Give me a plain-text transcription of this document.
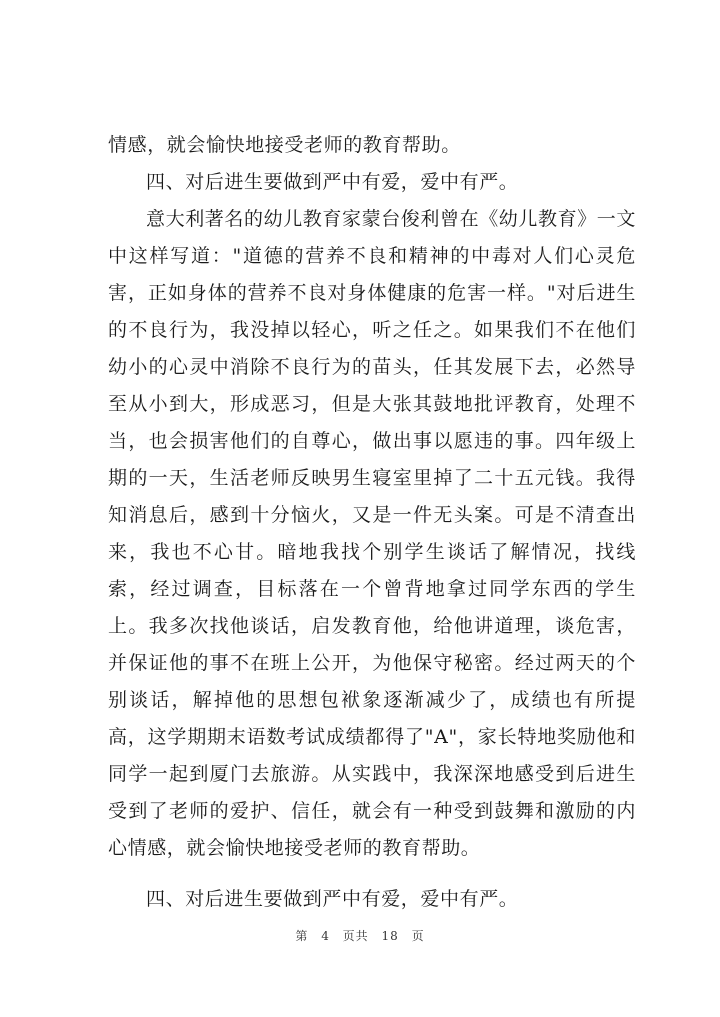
情感，就会愉快地接受老师的教育帮助。

四、对后进生要做到严中有爱，爱中有严。

意大利著名的幼儿教育家蒙台俊利曾在《幼儿教育》一文中这样写道："道德的营养不良和精神的中毒对人们心灵危害，正如身体的营养不良对身体健康的危害一样。"对后进生的不良行为，我没掉以轻心，听之任之。如果我们不在他们幼小的心灵中消除不良行为的苗头，任其发展下去，必然导至从小到大，形成恶习，但是大张其鼓地批评教育，处理不当，也会损害他们的自尊心，做出事以愿违的事。四年级上期的一天，生活老师反映男生寝室里掉了二十五元钱。我得知消息后，感到十分恼火，又是一件无头案。可是不清查出来，我也不心甘。暗地我找个别学生谈话了解情况，找线索，经过调查，目标落在一个曾背地拿过同学东西的学生上。我多次找他谈话，启发教育他，给他讲道理，谈危害，并保证他的事不在班上公开，为他保守秘密。经过两天的个别谈话，解掉他的思想包袱象逐渐减少了，成绩也有所提高，这学期期末语数考试成绩都得了"A"，家长特地奖励他和同学一起到厦门去旅游。从实践中，我深深地感受到后进生受到了老师的爱护、信任，就会有一种受到鼓舞和激励的内心情感，就会愉快地接受老师的教育帮助。

四、对后进生要做到严中有爱，爱中有严。

第 4 页共 18 页
